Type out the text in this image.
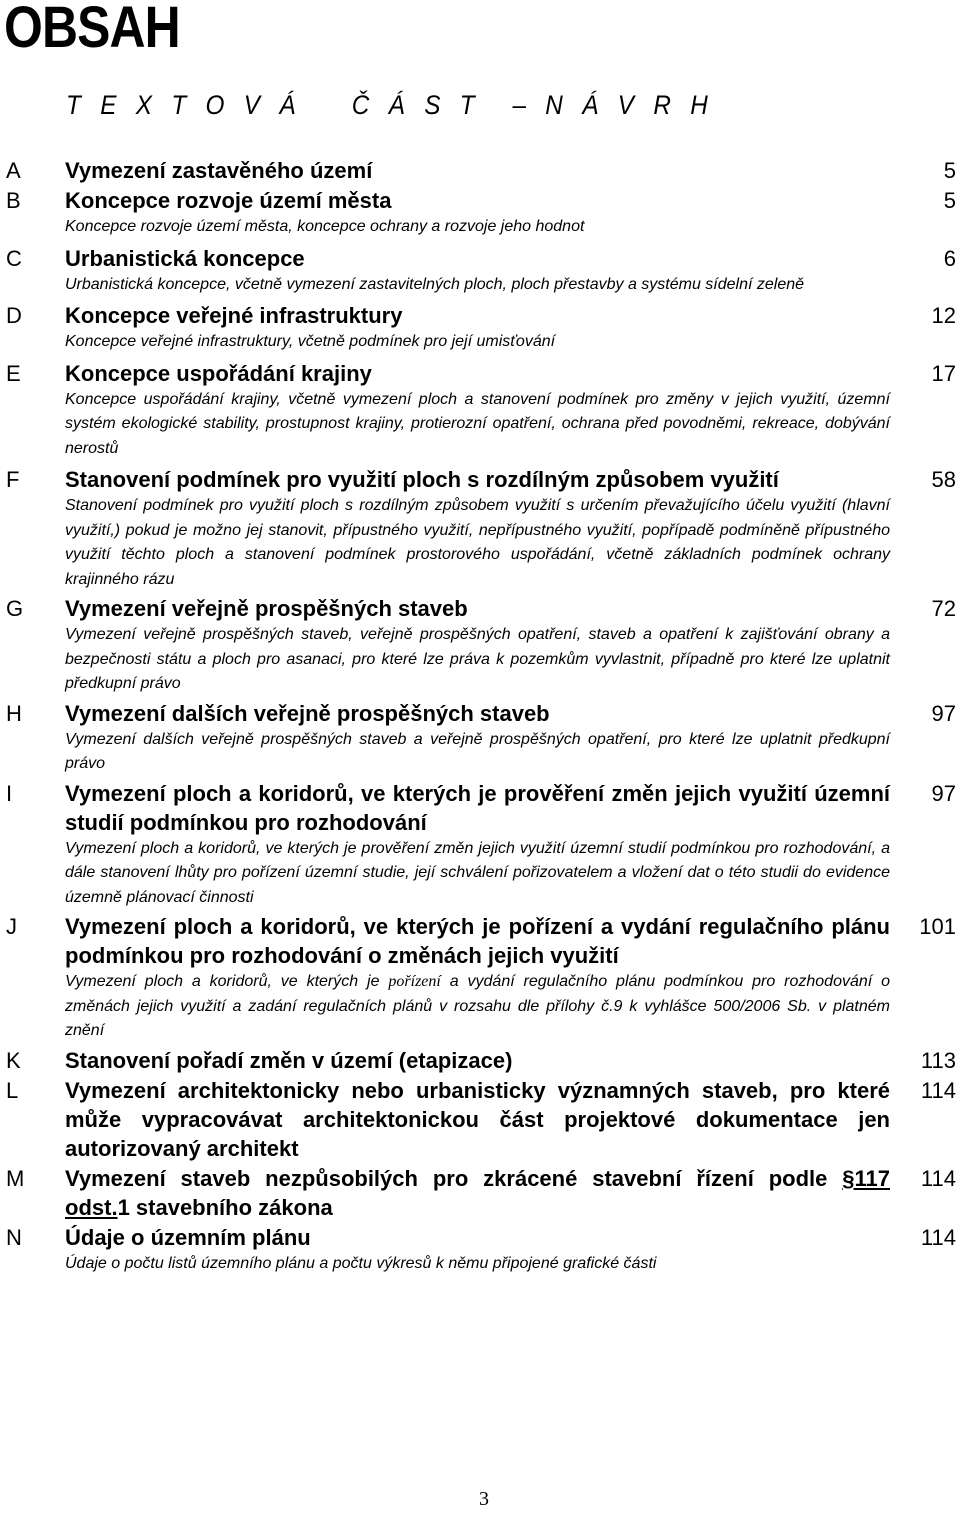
OBSAH
T E X T O V Á   Č Á S T  – N Á V R H
A Vymezení zastavěného území	5
B Koncepce rozvoje území města
Koncepce rozvoje území města, koncepce ochrany a rozvoje jeho hodnot
5
C Urbanistická koncepce
Urbanistická koncepce, včetně vymezení zastavitelných ploch, ploch přestavby a systému sídelní zeleně
6
D Koncepce veřejné infrastruktury
Koncepce veřejné infrastruktury, včetně podmínek pro její umisťování
12
E Koncepce uspořádání krajiny
Koncepce uspořádání krajiny, včetně vymezení ploch a stanovení podmínek pro změny v jejich využití, územní systém ekologické stability, prostupnost krajiny, protierozní opatření, ochrana před povodněmi, rekreace, dobývání nerostů
17
F Stanovení podmínek pro využití ploch s rozdílným způsobem využití
Stanovení podmínek pro využití ploch s rozdílným způsobem využití s určením převažujícího účelu využití (hlavní využití,) pokud je možno jej stanovit, přípustného využití, nepřípustného využití, popřípadě podmíněně přípustného využití těchto ploch a stanovení podmínek prostorového uspořádání, včetně základních podmínek ochrany krajinného rázu
58
G Vymezení veřejně prospěšných staveb
Vymezení veřejně prospěšných staveb, veřejně prospěšných opatření, staveb a opatření k zajišťování obrany a bezpečnosti státu a ploch pro asanaci, pro které lze práva k pozemkům vyvlastnit, případně pro které lze uplatnit předkupní právo
72
H Vymezení dalších veřejně prospěšných staveb
Vymezení dalších veřejně prospěšných staveb a veřejně prospěšných opatření, pro které lze uplatnit předkupní právo
97
I Vymezení ploch a koridorů, ve kterých je prověření změn jejich využití územní studií podmínkou pro rozhodování
Vymezení ploch a koridorů, ve kterých je prověření změn jejich využití územní studií podmínkou pro rozhodování, a dále stanovení lhůty pro pořízení územní studie, její schválení pořizovatelem a vložení dat o této studii do evidence územně plánovací činnosti
97
J Vymezení ploch a koridorů, ve kterých je pořízení a vydání regulačního plánu podmínkou pro rozhodování o změnách jejich využití
Vymezení ploch a koridorů, ve kterých je pořízení a vydání regulačního plánu podmínkou pro rozhodování o změnách jejich využití a zadání regulačních plánů v rozsahu dle přílohy č.9 k vyhlášce 500/2006 Sb. v platném znění
101
K Stanovení pořadí změn v území (etapizace)	113
L Vymezení architektonicky nebo urbanisticky významných staveb, pro které může vypracovávat architektonickou část projektové dokumentace jen autorizovaný architekt
114
M Vymezení staveb nezpůsobilých pro zkrácené stavební řízení podle §117 odst.1 stavebního zákona
114
N Údaje o územním plánu
Údaje o počtu listů územního plánu a počtu výkresů k němu připojené grafické části
114
3
